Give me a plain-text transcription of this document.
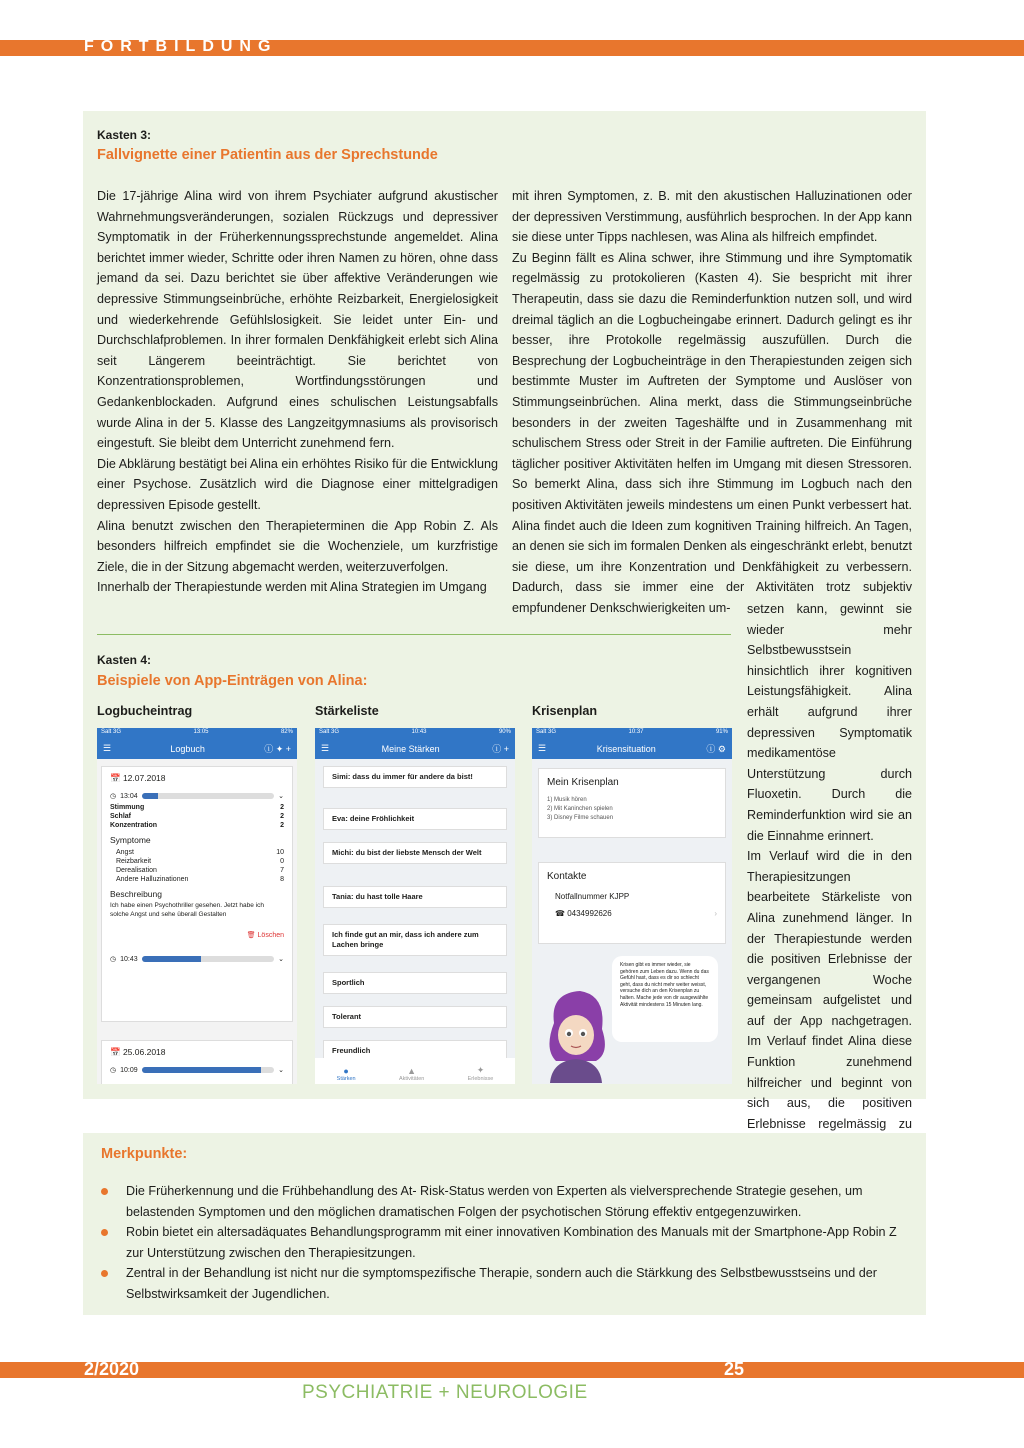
FORTBILDUNG
Kasten 3:
Fallvignette einer Patientin aus der Sprechstunde

Die 17-jährige Alina wird von ihrem Psychiater aufgrund akustischer Wahrnehmungsveränderungen, sozialen Rückzugs und depressiver Symptomatik in der Früherkennungssprechstunde angemeldet. Alina berichtet immer wieder, Schritte oder ihren Namen zu hören, ohne dass jemand da sei. Dazu berichtet sie über affektive Veränderungen wie depressive Stimmungseinbrüche, erhöhte Reizbarkeit, Energielosigkeit und wiederkehrende Gefühlslosigkeit. Sie leidet unter Ein- und Durchschlafproblemen. In ihrer formalen Denkfähigkeit erlebt sich Alina seit Längerem beeinträchtigt. Sie berichtet von Konzentrationsproblemen, Wortfindungsstörungen und Gedankenblockaden. Aufgrund eines schulischen Leistungsabfalls wurde Alina in der 5. Klasse des Langzeitgymnasiums als provisorisch eingestuft. Sie bleibt dem Unterricht zunehmend fern.

Die Abklärung bestätigt bei Alina ein erhöhtes Risiko für die Entwicklung einer Psychose. Zusätzlich wird die Diagnose einer mittelgradigen depressiven Episode gestellt.

Alina benutzt zwischen den Therapieterminen die App Robin Z. Als besonders hilfreich empfindet sie die Wochenziele, um kurzfristige Ziele, die in der Sitzung abgemacht werden, weiterzuverfolgen.

Innerhalb der Therapiestunde werden mit Alina Strategien im Umgang

mit ihren Symptomen, z. B. mit den akustischen Halluzinationen oder der depressiven Verstimmung, ausführlich besprochen. In der App kann sie diese unter Tipps nachlesen, was Alina als hilfreich empfindet.

Zu Beginn fällt es Alina schwer, ihre Stimmung und ihre Symptomatik regelmässig zu protokolieren (Kasten 4). Sie bespricht mit ihrer Therapeutin, dass sie dazu die Reminderfunktion nutzen soll, und wird dreimal täglich an die Logbucheingabe erinnert. Dadurch gelingt es ihr besser, ihre Protokolle regelmässig auszufüllen. Durch die Besprechung der Logbucheinträge in den Therapiestunden zeigen sich bestimmte Muster im Auftreten der Symptome und Auslöser von Stimmungseinbrüchen. Alina merkt, dass die Stimmungseinbrüche besonders in der zweiten Tageshälfte und in Zusammenhang mit schulischem Stress oder Streit in der Familie auftreten. Die Einführung täglicher positiver Aktivitäten helfen im Umgang mit diesen Stressoren. So bemerkt Alina, dass sich ihre Stimmung im Logbuch nach den positiven Aktivitäten jeweils mindestens um einen Punkt verbessert hat. Alina findet auch die Ideen zum kognitiven Training hilfreich. An Tagen, an denen sie sich im formalen Denken als eingeschränkt erlebt, benutzt sie diese, um ihre Konzentration und Denkfähigkeit zu verbessern. Dadurch, dass sie immer eine der Aktivitäten trotz subjektiv empfundener Denkschwierigkeiten um-	setzen kann, gewinnt sie wieder mehr Selbstbewusstsein hinsichtlich ihrer kognitiven Leistungsfähigkeit. Alina erhält aufgrund ihrer depressiven Symptomatik medikamentöse Unterstützung durch Fluoxetin. Durch die Reminderfunktion wird sie an die Einnahme erinnert.

Im Verlauf wird die in den Therapiesitzungen bearbeitete Stärkeliste von Alina zunehmend länger. In der Therapiestunde werden die positiven Erlebnisse der vergangenen Woche gemeinsam aufgelistet und auf der App nachgetragen. Im Verlauf findet Alina diese Funktion zunehmend hilfreicher und beginnt von sich aus, die positiven Erlebnisse regelmässig zu

Kasten 4:
Beispiele von App-Einträgen von Alina:
Logbucheintrag	Stärkeliste	Krisenplan
Salt 3G	13:05	82%
☰	Logbuch	ⓘ ✦ +
📅 12.07.2018
◷ 13:04	⌄
Stimmung	2
Schlaf	2
Konzentration	2
Symptome
Angst	10
Reizbarkeit	0
Derealisation	7
Andere Halluzinationen	8
Beschreibung
Ich habe einen Psychothriller gesehen. Jetzt habe ich solche Angst und sehe überall Gestalten
🗑 Löschen
◷ 10:43	⌄
📅 25.06.2018
◷ 10:09	⌄
Salt 3G	10:43	90%
☰	Meine Stärken	ⓘ +
Simi: dass du immer für andere da bist!
Eva: deine Fröhlichkeit
Michi: du bist der liebste Mensch der Welt
Tania: du hast tolle Haare
Ich finde gut an mir, dass ich andere zum Lachen bringe
Sportlich
Tolerant
Freundlich
●
Stärken
▲
Aktivitäten
✦
Erlebnisse
Salt 3G	10:37	91%
☰	Krisensituation	ⓘ ⚙
Mein Krisenplan
1) Musik hören
2) Mit Kaninchen spielen
3) Disney Filme schauen
Kontakte
Notfallnummer KJPP
☎ 0434992626	›
Krisen gibt es immer wieder, sie gehören zum Leben dazu. Wenn du das Gefühl hast, dass es dir so schlecht geht, dass du nicht mehr weiter weisst, versuche dich an den Krisenplan zu halten. Mache jede von dir ausgewählte Aktivität mindestens 15 Minuten lang.
Merkpunkte:
Die Früherkennung und die Frühbehandlung des At- Risk-Status werden von Experten als vielversprechende Strategie gesehen, um belastenden Symptomen und den möglichen dramatischen Folgen der psychotischen Störung effektiv entgegenzuwirken.
Robin bietet ein altersadäquates Behandlungsprogramm mit einer innovativen Kombination des Manuals mit der Smartphone-App Robin Z zur Unterstützung zwischen den Therapiesitzungen.
Zentral in der Behandlung ist nicht nur die symptomspezifische Therapie, sondern auch die Stärkkung des Selbstbewusstseins und der Selbstwirksamkeit der Jugendlichen.
2/2020	25
PSYCHIATRIE + NEUROLOGIE
